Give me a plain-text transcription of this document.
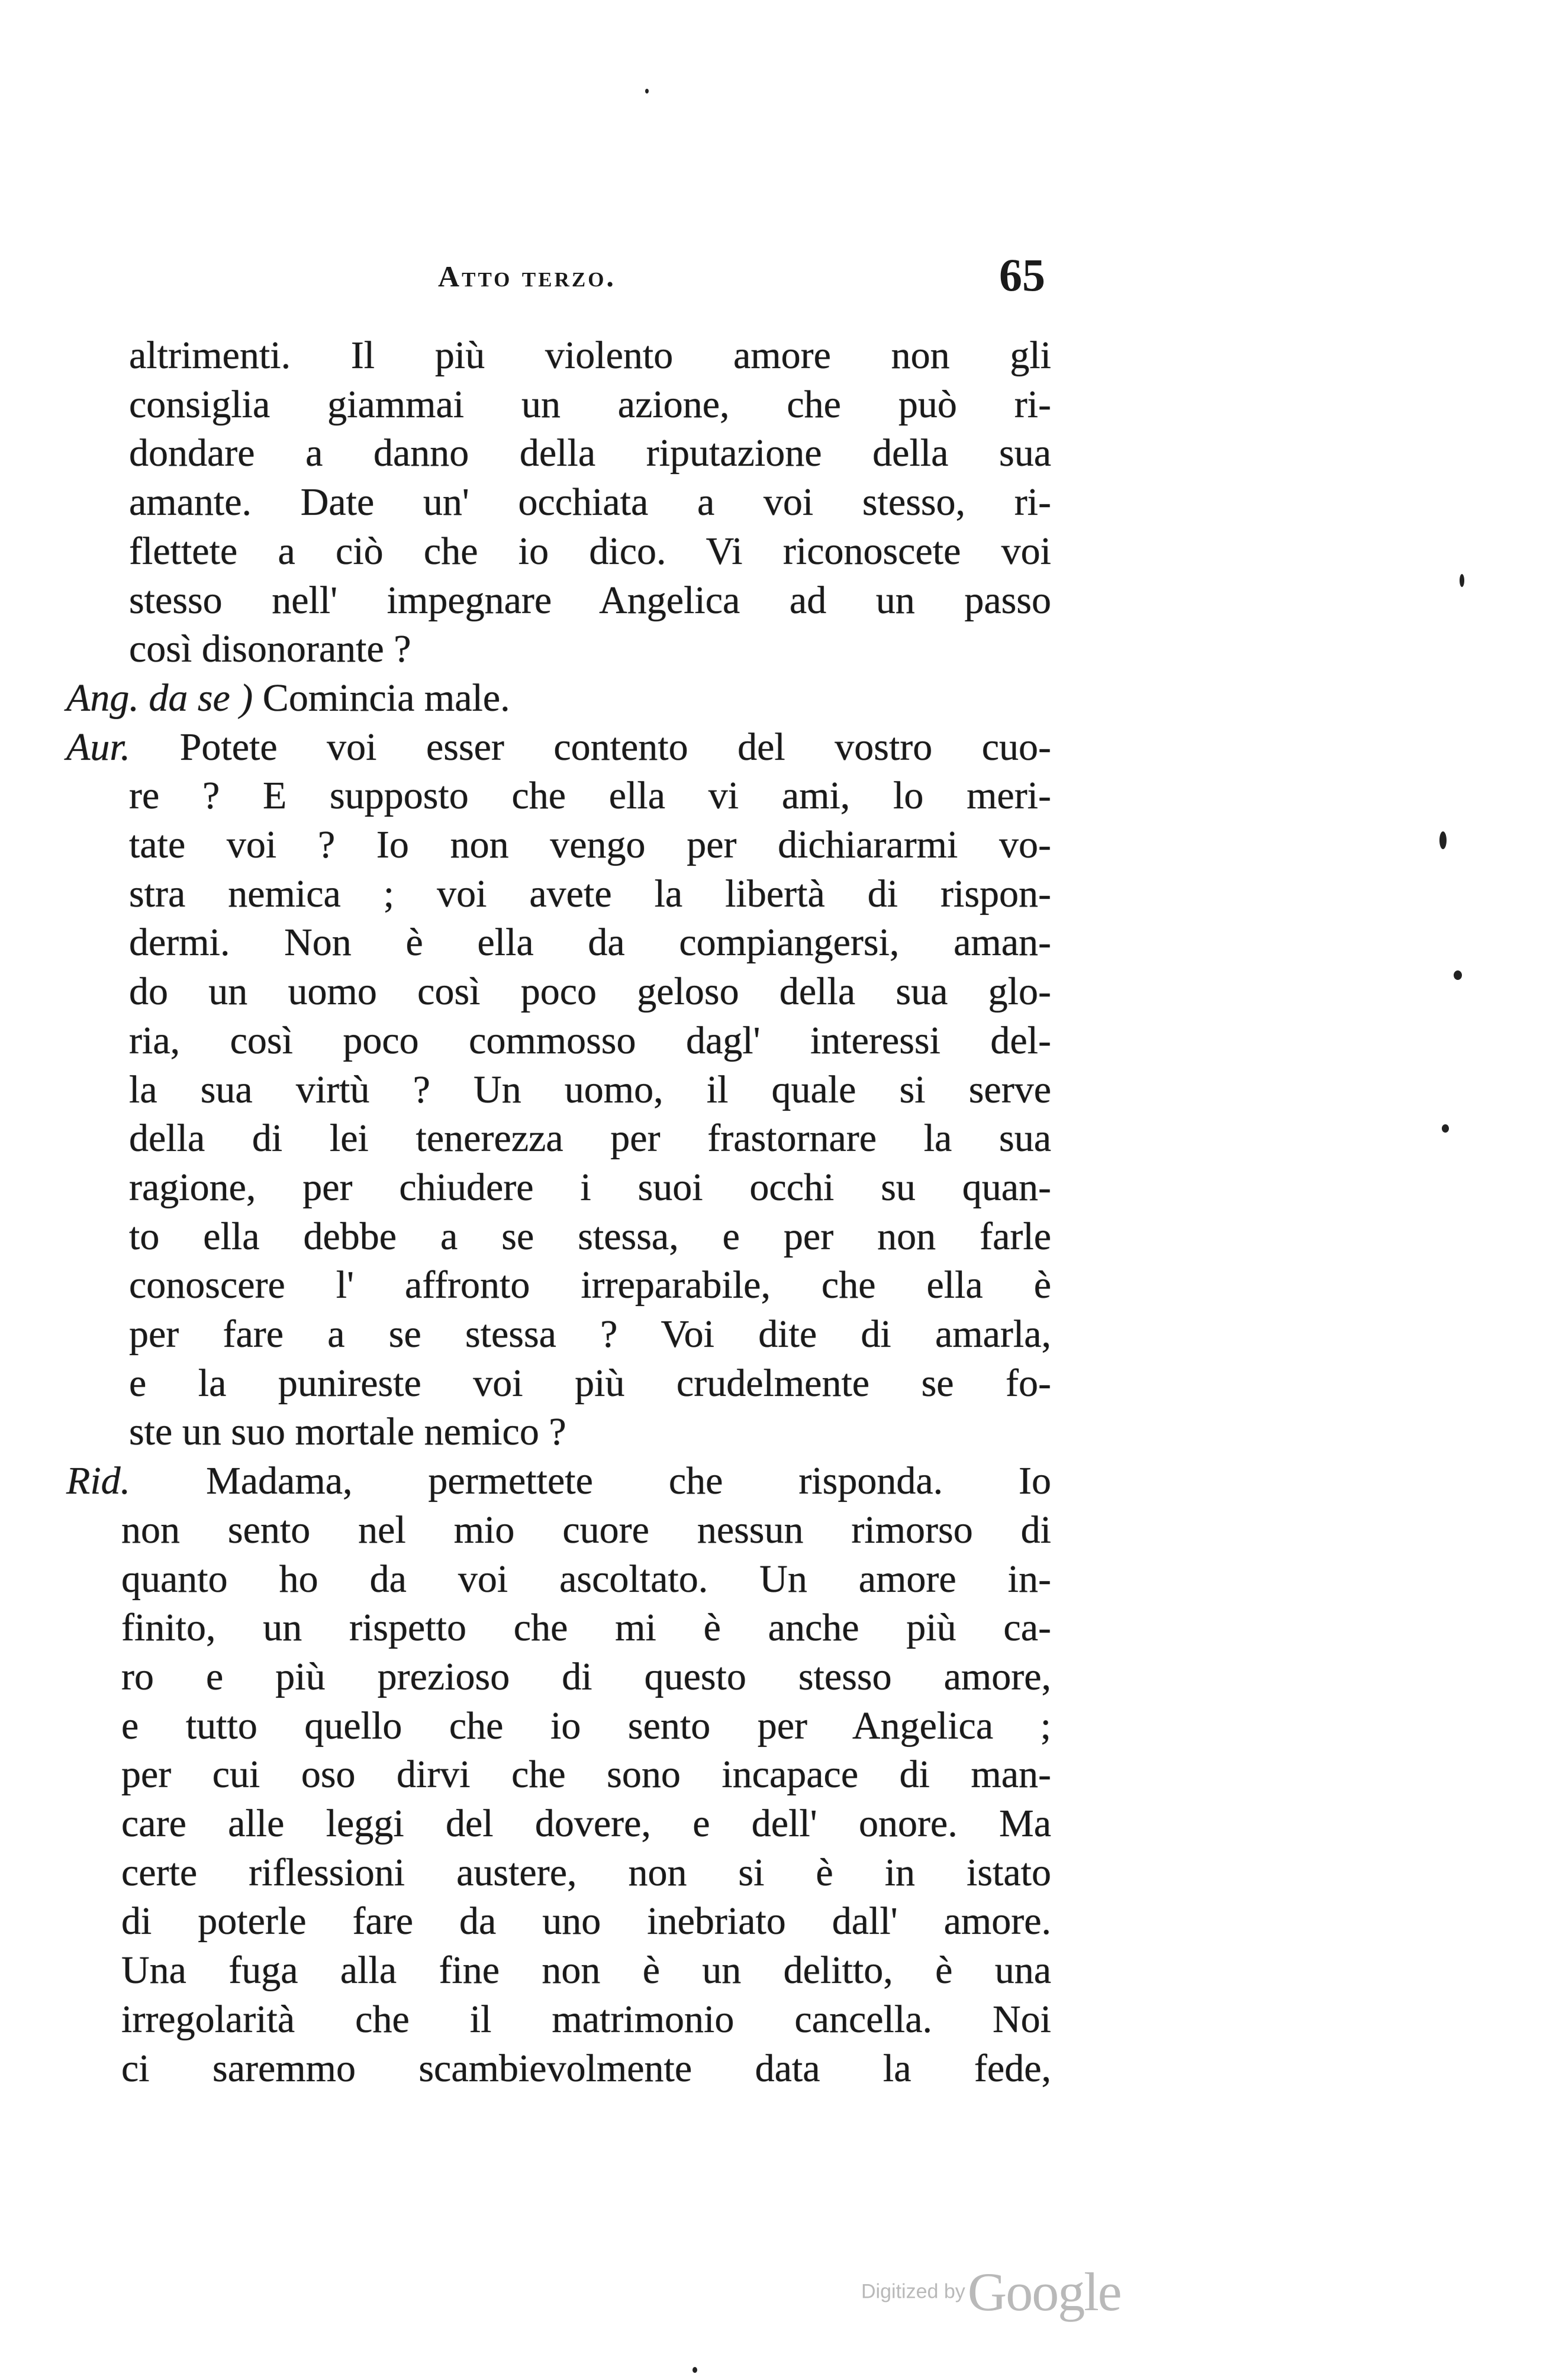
Atto terzo.	65
altrimenti. Il più violento amore non gli
consiglia giammai un azione, che può ri-
dondare a danno della riputazione della sua
amante. Date un' occhiata a voi stesso, ri-
flettete a ciò che io dico. Vi riconoscete voi
stesso nell' impegnare Angelica ad un passo
così disonorante ?
Ang. da se ) Comincia male.
Aur. Potete voi esser contento del vostro cuo-
re ? E supposto che ella vi ami, lo meri-
tate voi ? Io non vengo per dichiararmi vo-
stra nemica ; voi avete la libertà di rispon-
dermi. Non è ella da compiangersi, aman-
do un uomo così poco geloso della sua glo-
ria, così poco commosso dagl' interessi del-
la sua virtù ? Un uomo, il quale si serve
della di lei tenerezza per frastornare la sua
ragione, per chiudere i suoi occhi su quan-
to ella debbe a se stessa, e per non farle
conoscere l' affronto irreparabile, che ella è
per fare a se stessa ? Voi dite di amarla,
e la punireste voi più crudelmente se fo-
ste un suo mortale nemico ?
Rid. Madama, permettete che risponda. Io
non sento nel mio cuore nessun rimorso di
quanto ho da voi ascoltato. Un amore in-
finito, un rispetto che mi è anche più ca-
ro e più prezioso di questo stesso amore,
e tutto quello che io sento per Angelica ;
per cui oso dirvi che sono incapace di man-
care alle leggi del dovere, e dell' onore. Ma
certe riflessioni austere, non si è in istato
di poterle fare da uno inebriato dall' amore.
Una fuga alla fine non è un delitto, è una
irregolarità che il matrimonio cancella. Noi
ci saremmo scambievolmente data la fede,
Digitized by Google
